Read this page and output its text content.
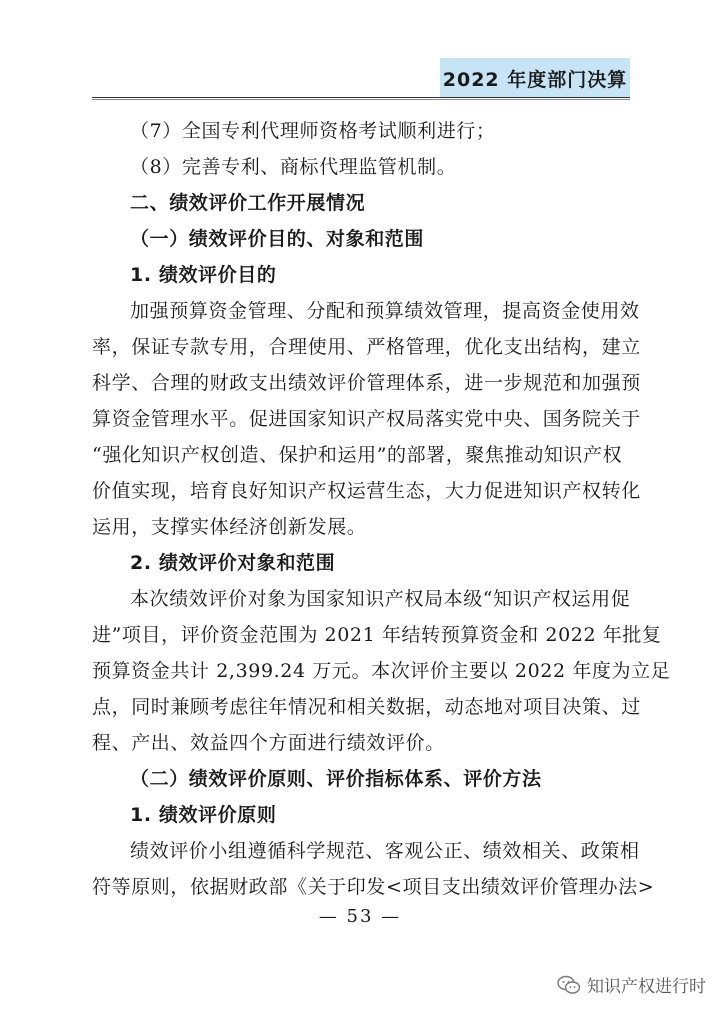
2022 年度部门决算
（7）全国专利代理师资格考试顺利进行；
（8）完善专利、商标代理监管机制。
二、绩效评价工作开展情况
（一）绩效评价目的、对象和范围
1. 绩效评价目的
加强预算资金管理、分配和预算绩效管理，提高资金使用效
率，保证专款专用，合理使用、严格管理，优化支出结构，建立
科学、合理的财政支出绩效评价管理体系，进一步规范和加强预
算资金管理水平。促进国家知识产权局落实党中央、国务院关于
“强化知识产权创造、保护和运用”的部署，聚焦推动知识产权
价值实现，培育良好知识产权运营生态，大力促进知识产权转化
运用，支撑实体经济创新发展。
2. 绩效评价对象和范围
本次绩效评价对象为国家知识产权局本级“知识产权运用促
进”项目，评价资金范围为 2021 年结转预算资金和 2022 年批复
预算资金共计 2,399.24 万元。本次评价主要以 2022 年度为立足
点，同时兼顾考虑往年情况和相关数据，动态地对项目决策、过
程、产出、效益四个方面进行绩效评价。
（二）绩效评价原则、评价指标体系、评价方法
1. 绩效评价原则
绩效评价小组遵循科学规范、客观公正、绩效相关、政策相
符等原则，依据财政部《关于印发<项目支出绩效评价管理办法>
— 53 —
知识产权进行时
